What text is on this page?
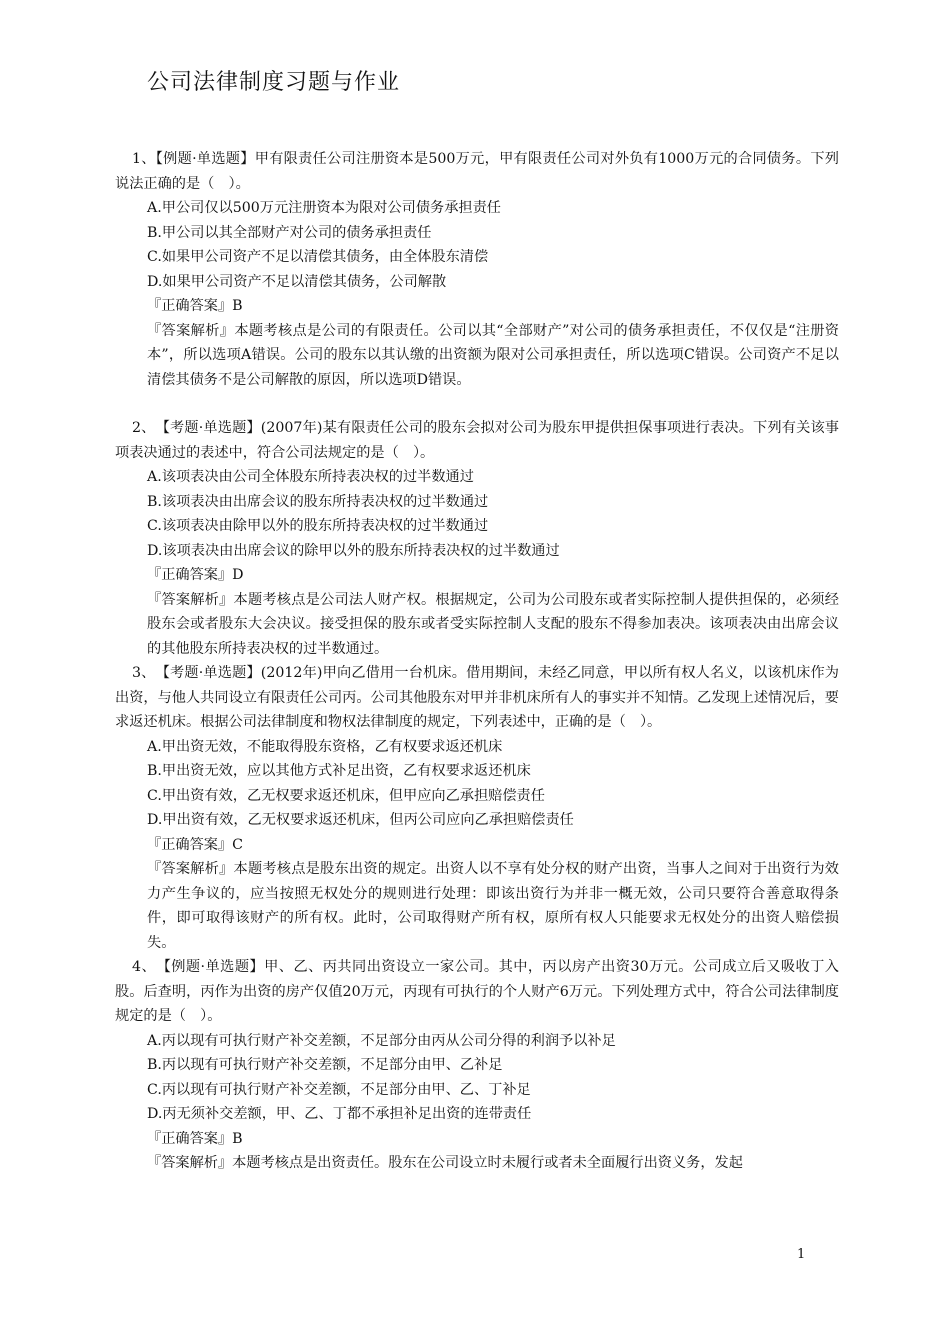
公司法律制度习题与作业

1、【例题·单选题】甲有限责任公司注册资本是500万元，甲有限责任公司对外负有1000万元的合同债务。下列说法正确的是（　）。

A.甲公司仅以500万元注册资本为限对公司债务承担责任

B.甲公司以其全部财产对公司的债务承担责任

C.如果甲公司资产不足以清偿其债务，由全体股东清偿

D.如果甲公司资产不足以清偿其债务，公司解散

『正确答案』B

『答案解析』本题考核点是公司的有限责任。公司以其“全部财产”对公司的债务承担责任，不仅仅是“注册资本”，所以选项A错误。公司的股东以其认缴的出资额为限对公司承担责任，所以选项C错误。公司资产不足以清偿其债务不是公司解散的原因，所以选项D错误。

2、　【考题·单选题】(2007年)某有限责任公司的股东会拟对公司为股东甲提供担保事项进行表决。下列有关该事项表决通过的表述中，符合公司法规定的是（　）。

A.该项表决由公司全体股东所持表决权的过半数通过

B.该项表决由出席会议的股东所持表决权的过半数通过

C.该项表决由除甲以外的股东所持表决权的过半数通过

D.该项表决由出席会议的除甲以外的股东所持表决权的过半数通过

『正确答案』D

『答案解析』本题考核点是公司法人财产权。根据规定，公司为公司股东或者实际控制人提供担保的，必须经股东会或者股东大会决议。接受担保的股东或者受实际控制人支配的股东不得参加表决。该项表决由出席会议的其他股东所持表决权的过半数通过。

3、　【考题·单选题】(2012年)甲向乙借用一台机床。借用期间，未经乙同意，甲以所有权人名义，以该机床作为出资，与他人共同设立有限责任公司丙。公司其他股东对甲并非机床所有人的事实并不知情。乙发现上述情况后，要求返还机床。根据公司法律制度和物权法律制度的规定，下列表述中，正确的是（　）。

A.甲出资无效，不能取得股东资格，乙有权要求返还机床

B.甲出资无效，应以其他方式补足出资，乙有权要求返还机床

C.甲出资有效，乙无权要求返还机床，但甲应向乙承担赔偿责任

D.甲出资有效，乙无权要求返还机床，但丙公司应向乙承担赔偿责任

『正确答案』C

『答案解析』本题考核点是股东出资的规定。出资人以不享有处分权的财产出资，当事人之间对于出资行为效力产生争议的，应当按照无权处分的规则进行处理：即该出资行为并非一概无效，公司只要符合善意取得条件，即可取得该财产的所有权。此时，公司取得财产所有权，原所有权人只能要求无权处分的出资人赔偿损失。

4、　【例题·单选题】甲、乙、丙共同出资设立一家公司。其中，丙以房产出资30万元。公司成立后又吸收丁入股。后查明，丙作为出资的房产仅值20万元，丙现有可执行的个人财产6万元。下列处理方式中，符合公司法律制度规定的是（　）。

A.丙以现有可执行财产补交差额，不足部分由丙从公司分得的利润予以补足

B.丙以现有可执行财产补交差额，不足部分由甲、乙补足

C.丙以现有可执行财产补交差额，不足部分由甲、乙、丁补足

D.丙无须补交差额，甲、乙、丁都不承担补足出资的连带责任

『正确答案』B

『答案解析』本题考核点是出资责任。股东在公司设立时未履行或者未全面履行出资义务，发起

1
